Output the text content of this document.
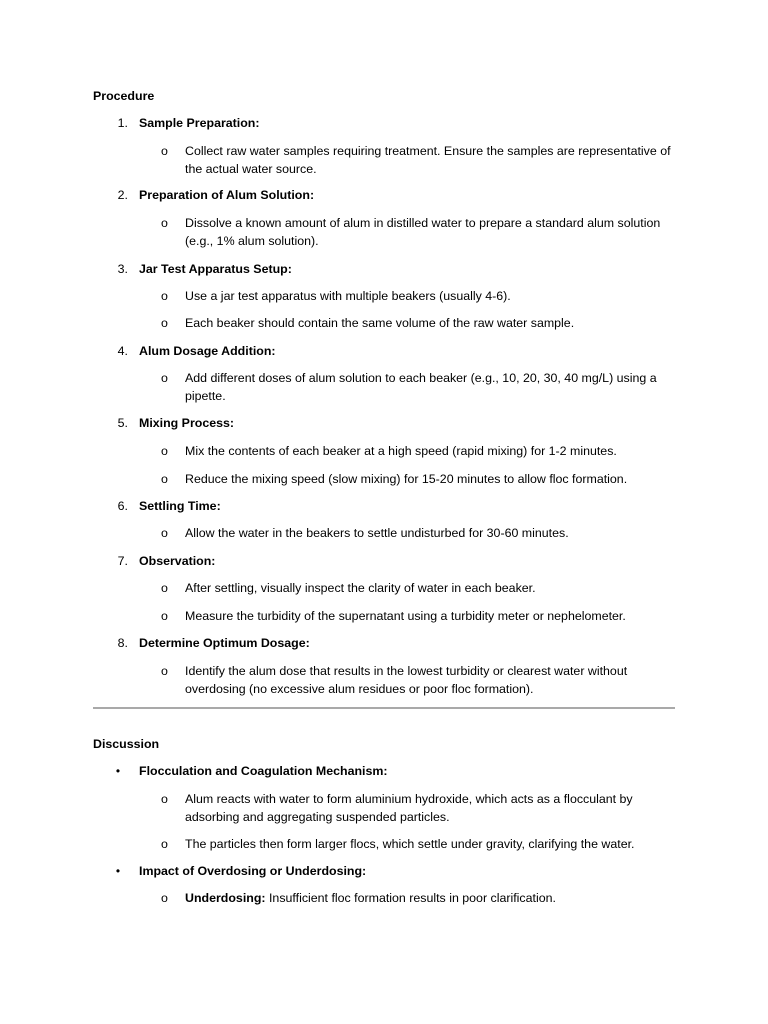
Procedure
1. Sample Preparation:
o Collect raw water samples requiring treatment. Ensure the samples are representative of the actual water source.
2. Preparation of Alum Solution:
o Dissolve a known amount of alum in distilled water to prepare a standard alum solution (e.g., 1% alum solution).
3. Jar Test Apparatus Setup:
o Use a jar test apparatus with multiple beakers (usually 4-6).
o Each beaker should contain the same volume of the raw water sample.
4. Alum Dosage Addition:
o Add different doses of alum solution to each beaker (e.g., 10, 20, 30, 40 mg/L) using a pipette.
5. Mixing Process:
o Mix the contents of each beaker at a high speed (rapid mixing) for 1-2 minutes.
o Reduce the mixing speed (slow mixing) for 15-20 minutes to allow floc formation.
6. Settling Time:
o Allow the water in the beakers to settle undisturbed for 30-60 minutes.
7. Observation:
o After settling, visually inspect the clarity of water in each beaker.
o Measure the turbidity of the supernatant using a turbidity meter or nephelometer.
8. Determine Optimum Dosage:
o Identify the alum dose that results in the lowest turbidity or clearest water without overdosing (no excessive alum residues or poor floc formation).
Discussion
• Flocculation and Coagulation Mechanism:
o Alum reacts with water to form aluminium hydroxide, which acts as a flocculant by adsorbing and aggregating suspended particles.
o The particles then form larger flocs, which settle under gravity, clarifying the water.
• Impact of Overdosing or Underdosing:
o Underdosing: Insufficient floc formation results in poor clarification.
